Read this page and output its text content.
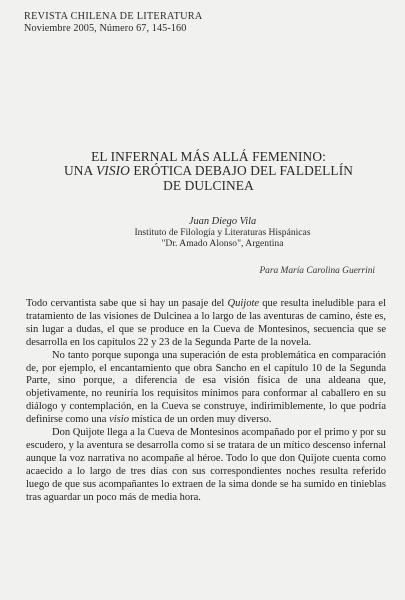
REVISTA CHILENA DE LITERATURA
Noviembre 2005, Número 67, 145-160
EL INFERNAL MÁS ALLÁ FEMENINO:
UNA VISIO ERÓTICA DEBAJO DEL FALDELLÍN
DE DULCINEA
Juan Diego Vila
Instituto de Filología y Literaturas Hispánicas
"Dr. Amado Alonso", Argentina
Para María Carolina Guerrini

Todo cervantista sabe que si hay un pasaje del Quijote que resulta ineludible para el tratamiento de las visiones de Dulcinea a lo largo de las aventuras de camino, éste es, sin lugar a dudas, el que se produce en la Cueva de Montesinos, secuencia que se desarrolla en los capítulos 22 y 23 de la Segunda Parte de la novela.

No tanto porque suponga una superación de esta problemática en comparación de, por ejemplo, el encantamiento que obra Sancho en el capítulo 10 de la Segunda Parte, sino porque, a diferencia de esa visión física de una aldeana que, objetivamente, no reuniría los requisitos mínimos para conformar al caballero en su diálogo y contemplación, en la Cueva se construye, indirimiblemente, lo que podría definirse como una visio mística de un orden muy diverso.

Don Quijote llega a la Cueva de Montesinos acompañado por el primo y por su escudero, y la aventura se desarrolla como si se tratara de un mítico descenso infernal aunque la voz narrativa no acompañe al héroe. Todo lo que don Quijote cuenta como acaecido a lo largo de tres días con sus correspondientes noches resulta referido luego de que sus acompañantes lo extraen de la sima donde se ha sumido en tinieblas tras aguardar un poco más de media hora.
